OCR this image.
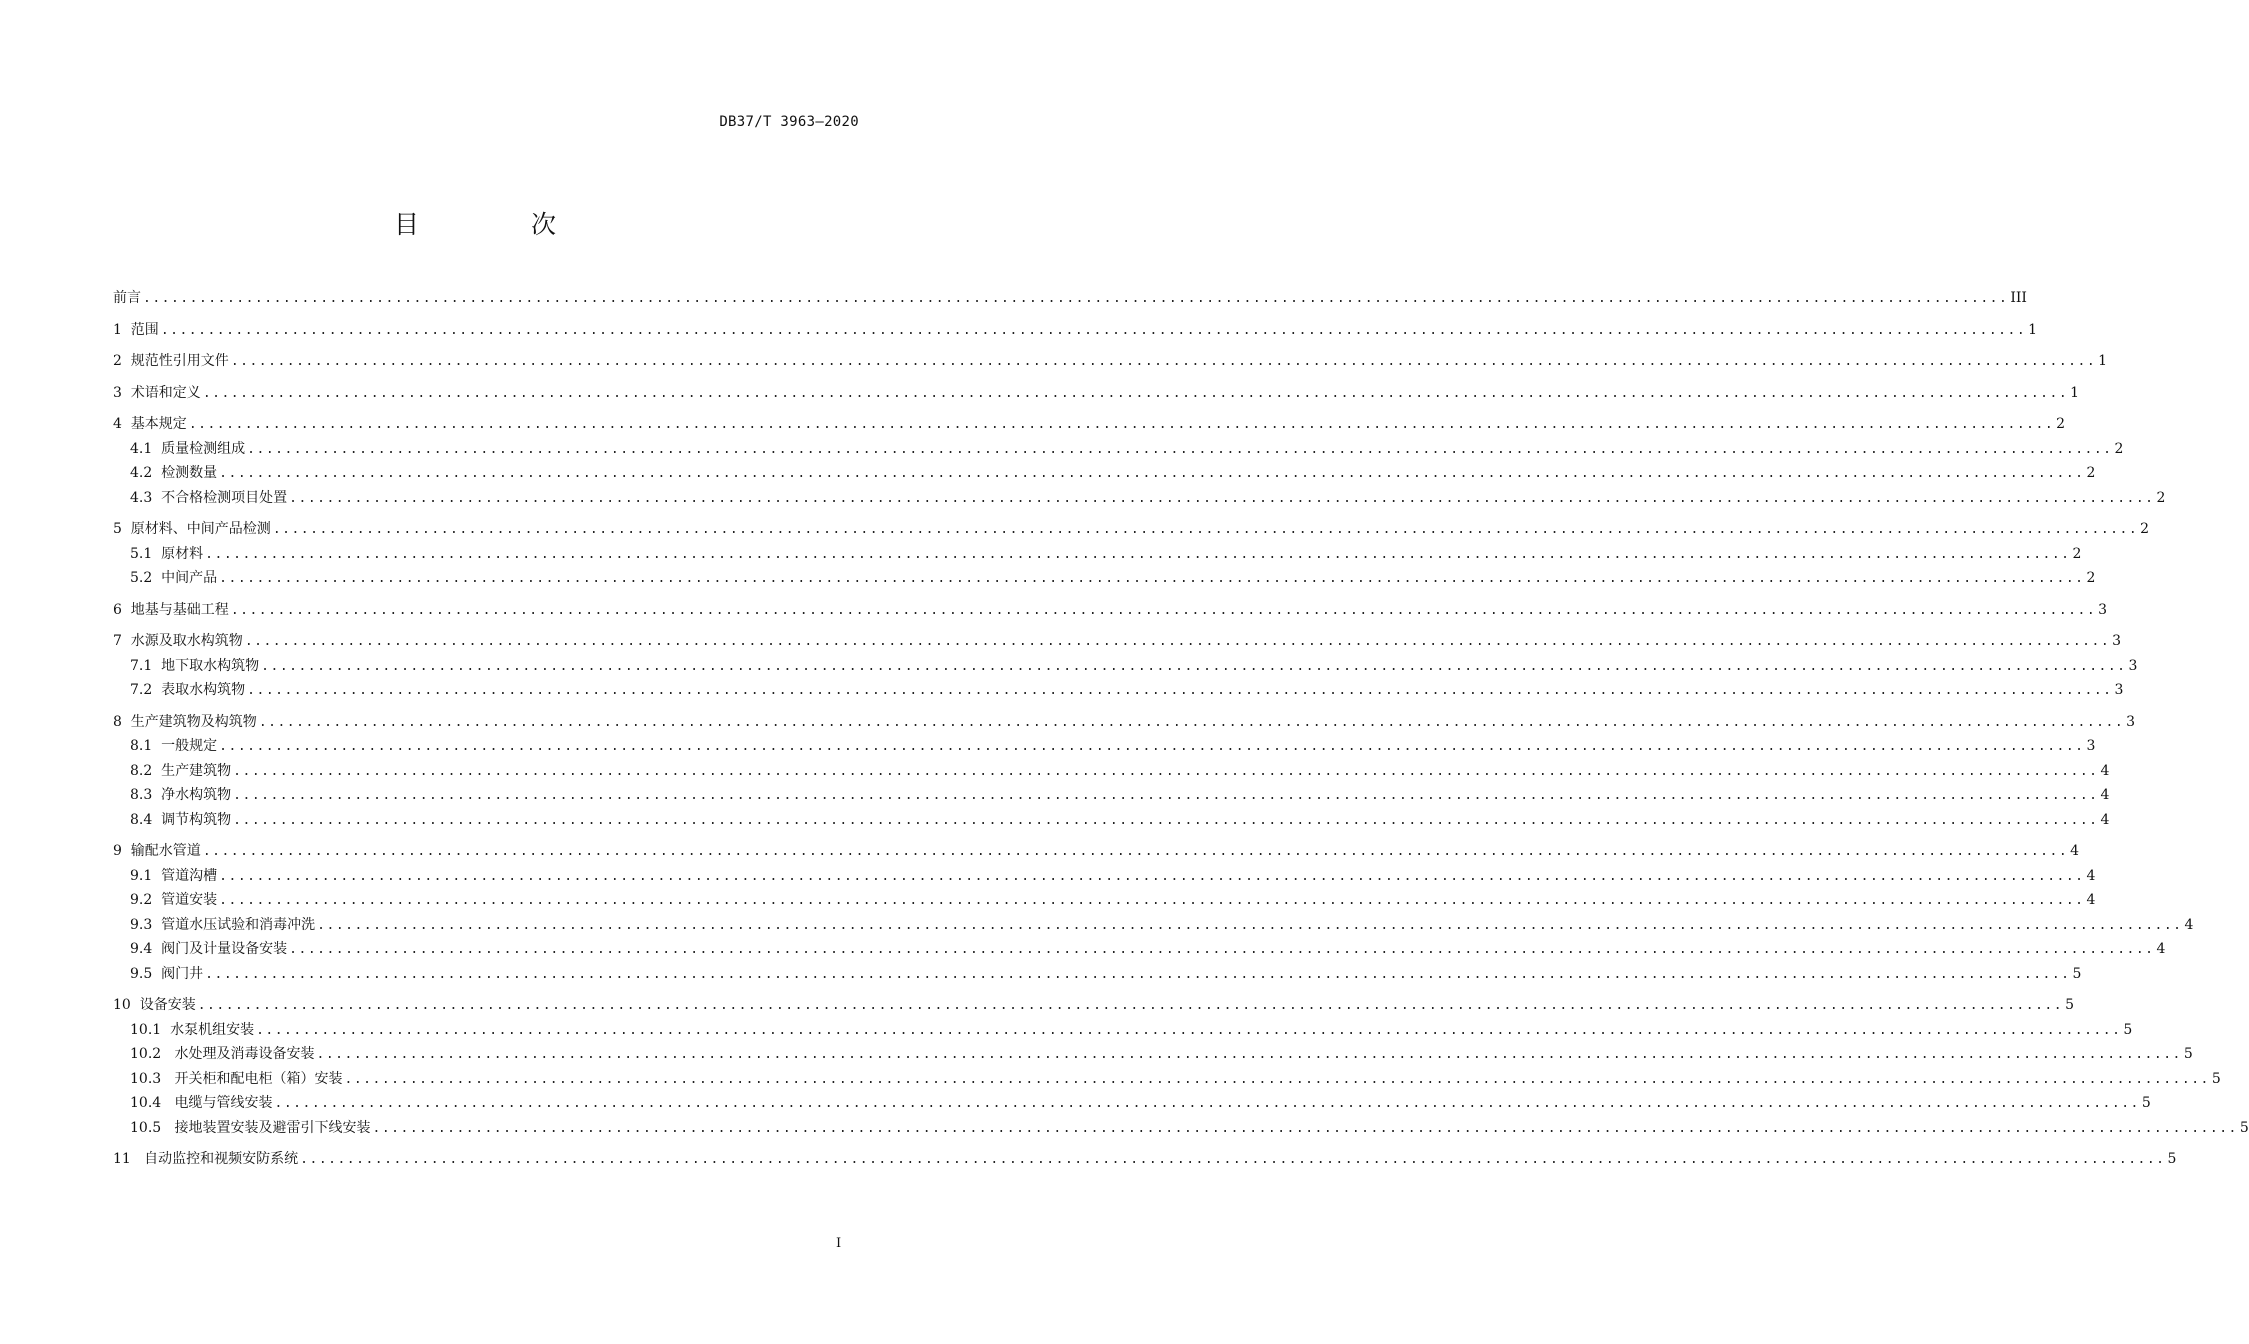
DB37/T 3963—2020
目 次
前言 ........................................................................................................................................................................................................ III
1  范围 ........................................................................................................................................................................................................ 1
2  规范性引用文件 ........................................................................................................................................................................................................ 1
3  术语和定义 ........................................................................................................................................................................................................ 1
4  基本规定 ........................................................................................................................................................................................................ 2
4.1  质量检测组成 ........................................................................................................................................................................................................ 2
4.2  检测数量 ........................................................................................................................................................................................................ 2
4.3  不合格检测项目处置 ........................................................................................................................................................................................................ 2
5  原材料、中间产品检测 ........................................................................................................................................................................................................ 2
5.1  原材料 ........................................................................................................................................................................................................ 2
5.2  中间产品 ........................................................................................................................................................................................................ 2
6  地基与基础工程 ........................................................................................................................................................................................................ 3
7  水源及取水构筑物 ........................................................................................................................................................................................................ 3
7.1  地下取水构筑物 ........................................................................................................................................................................................................ 3
7.2  表取水构筑物 ........................................................................................................................................................................................................ 3
8  生产建筑物及构筑物 ........................................................................................................................................................................................................ 3
8.1  一般规定 ........................................................................................................................................................................................................ 3
8.2  生产建筑物 ........................................................................................................................................................................................................ 4
8.3  净水构筑物 ........................................................................................................................................................................................................ 4
8.4  调节构筑物 ........................................................................................................................................................................................................ 4
9  输配水管道 ........................................................................................................................................................................................................ 4
9.1  管道沟槽 ........................................................................................................................................................................................................ 4
9.2  管道安装 ........................................................................................................................................................................................................ 4
9.3  管道水压试验和消毒冲洗 ........................................................................................................................................................................................................ 4
9.4  阀门及计量设备安装 ........................................................................................................................................................................................................ 4
9.5  阀门井 ........................................................................................................................................................................................................ 5
10  设备安装 ........................................................................................................................................................................................................ 5
10.1  水泵机组安装 ........................................................................................................................................................................................................ 5
10.2   水处理及消毒设备安装 ........................................................................................................................................................................................................ 5
10.3   开关柜和配电柜（箱）安装 ........................................................................................................................................................................................................ 5
10.4   电缆与管线安装 ........................................................................................................................................................................................................ 5
10.5   接地装置安装及避雷引下线安装 ........................................................................................................................................................................................................ 5
11   自动监控和视频安防系统 ........................................................................................................................................................................................................ 5
I
